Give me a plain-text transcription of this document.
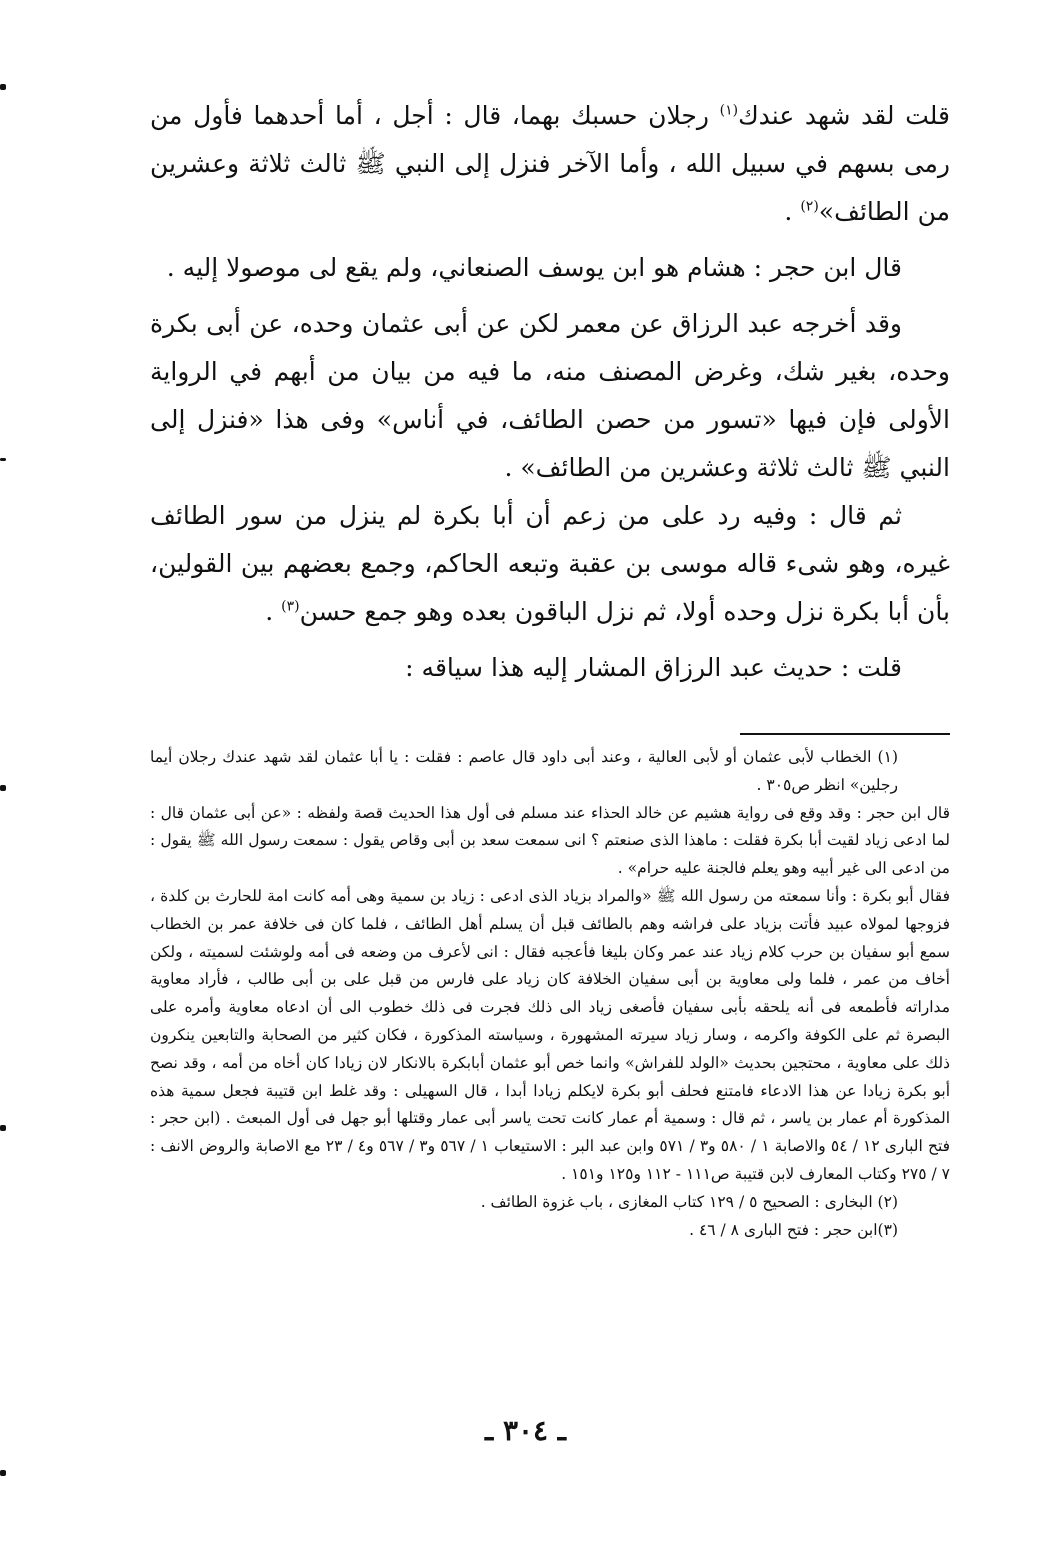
قلت لقد شهد عندك$^{(١)}$ رجلان حسبك بهما، قال : أجل ، أما أحدهما فأول من رمى بسهم في سبيل الله ، وأما الآخر فنزل إلى النبي ﷺ ثالث ثلاثة وعشرين من الطائف»$^{(٢)}$ .

قال ابن حجر : هشام هو ابن يوسف الصنعاني، ولم يقع لى موصولا إليه .

وقد أخرجه عبد الرزاق عن معمر لكن عن أبى عثمان وحده، عن أبى بكرة وحده، بغير شك، وغرض المصنف منه، ما فيه من بيان من أبهم في الرواية الأولى فإن فيها «تسور من حصن الطائف، في أناس» وفى هذا «فنزل إلى النبي ﷺ ثالث ثلاثة وعشرين من الطائف» .

ثم قال : وفيه رد على من زعم أن أبا بكرة لم ينزل من سور الطائف غيره، وهو شىء قاله موسى بن عقبة وتبعه الحاكم، وجمع بعضهم بين القولين، بأن أبا بكرة نزل وحده أولا، ثم نزل الباقون بعده وهو جمع حسن$^{(٣)}$ .

قلت : حديث عبد الرزاق المشار إليه هذا سياقه :

(١) الخطاب لأبى عثمان أو لأبى العالية ، وعند أبى داود قال عاصم : فقلت : يا أبا عثمان لقد شهد عندك رجلان أيما رجلين» انظر ص٣٠٥ .

قال ابن حجر : وقد وقع فى رواية هشيم عن خالد الحذاء عند مسلم فى أول هذا الحديث قصة ولفظه : «عن أبى عثمان قال : لما ادعى زياد لقيت أبا بكرة فقلت : ماهذا الذى صنعتم ؟ انى سمعت سعد بن أبى وقاص يقول : سمعت رسول الله ﷺ يقول : من ادعى الى غير أبيه وهو يعلم فالجنة عليه حرام» .

فقال أبو بكرة : وأنا سمعته من رسول الله ﷺ «والمراد بزياد الذى ادعى : زياد بن سمية وهى أمه كانت امة للحارث بن كلدة ، فزوجها لمولاه عبيد فأتت بزياد على فراشه وهم بالطائف قبل أن يسلم أهل الطائف ، فلما كان فى خلافة عمر بن الخطاب سمع أبو سفيان بن حرب كلام زياد عند عمر وكان بليغا فأعجبه فقال : انى لأعرف من وضعه فى أمه ولوشئت لسميته ، ولكن أخاف من عمر ، فلما ولى معاوية بن أبى سفيان الخلافة كان زياد على فارس من قبل على بن أبى طالب ، فأراد معاوية مداراته فأطمعه فى أنه يلحقه بأبى سفيان فأصغى زياد الى ذلك فجرت فى ذلك خطوب الى أن ادعاه معاوية وأمره على البصرة ثم على الكوفة واكرمه ، وسار زياد سيرته المشهورة ، وسياسته المذكورة ، فكان كثير من الصحابة والتابعين ينكرون ذلك على معاوية ، محتجين بحديث «الولد للفراش» وانما خص أبو عثمان أبابكرة بالانكار لان زيادا كان أخاه من أمه ، وقد نصح أبو بكرة زيادا عن هذا الادعاء فامتنع فحلف أبو بكرة لايكلم زيادا أبدا ، قال السهيلى : وقد غلط ابن قتيبة فجعل سمية هذه المذكورة أم عمار بن ياسر ، ثم قال : وسمية أم عمار كانت تحت ياسر أبى عمار وقتلها أبو جهل فى أول المبعث . (ابن حجر : فتح البارى ١٢ / ٥٤ والاصابة ١ / ٥٨٠ و٣ / ٥٧١ وابن عبد البر : الاستيعاب ١ / ٥٦٧ و٣ / ٥٦٧ و٤ / ٢٣ مع الاصابة والروض الانف : ٧ / ٢٧٥ وكتاب المعارف لابن قتيبة ص١١١ - ١١٢ و١٢٥ و١٥١ .

(٢) البخارى : الصحيح ٥ / ١٢٩ كتاب المغازى ، باب غزوة الطائف .

(٣)ابن حجر : فتح البارى ٨ / ٤٦ .

ـ ٣٠٤ ـ
